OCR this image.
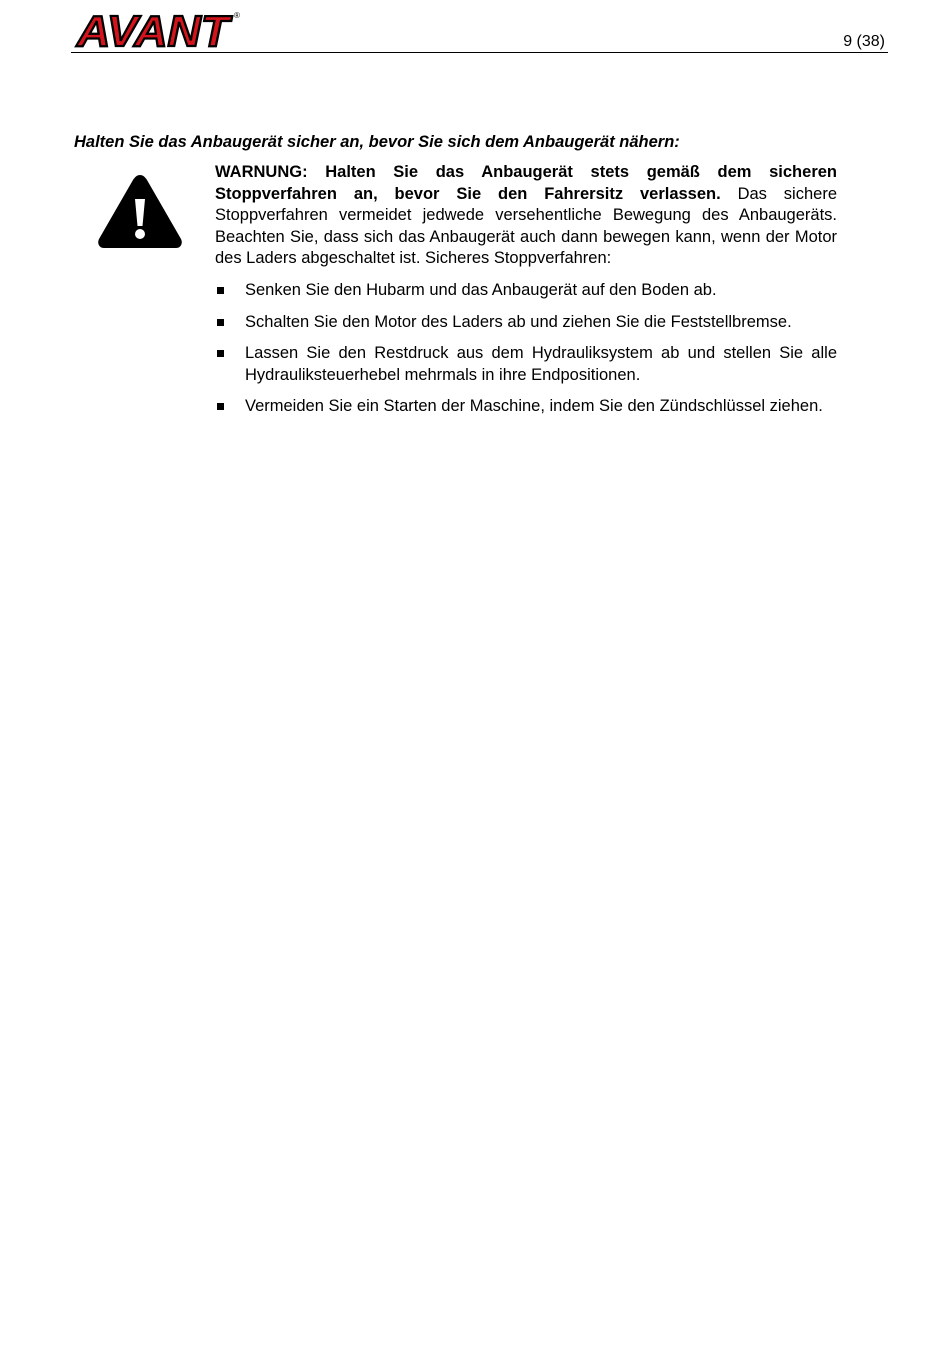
AVANT ®
9 (38)
Halten Sie das Anbaugerät sicher an, bevor Sie sich dem Anbaugerät nähern:

WARNUNG: Halten Sie das Anbaugerät stets gemäß dem sicheren Stoppverfahren an, bevor Sie den Fahrersitz verlassen. Das sichere Stoppverfahren vermeidet jedwede versehentliche Bewegung des Anbaugeräts. Beachten Sie, dass sich das Anbaugerät auch dann bewegen kann, wenn der Motor des Laders abgeschaltet ist. Sicheres Stoppverfahren:

Senken Sie den Hubarm und das Anbaugerät auf den Boden ab.
Schalten Sie den Motor des Laders ab und ziehen Sie die Feststellbremse.
Lassen Sie den Restdruck aus dem Hydrauliksystem ab und stellen Sie alle Hydrauliksteuerhebel mehrmals in ihre Endpositionen.
Vermeiden Sie ein Starten der Maschine, indem Sie den Zündschlüssel ziehen.
